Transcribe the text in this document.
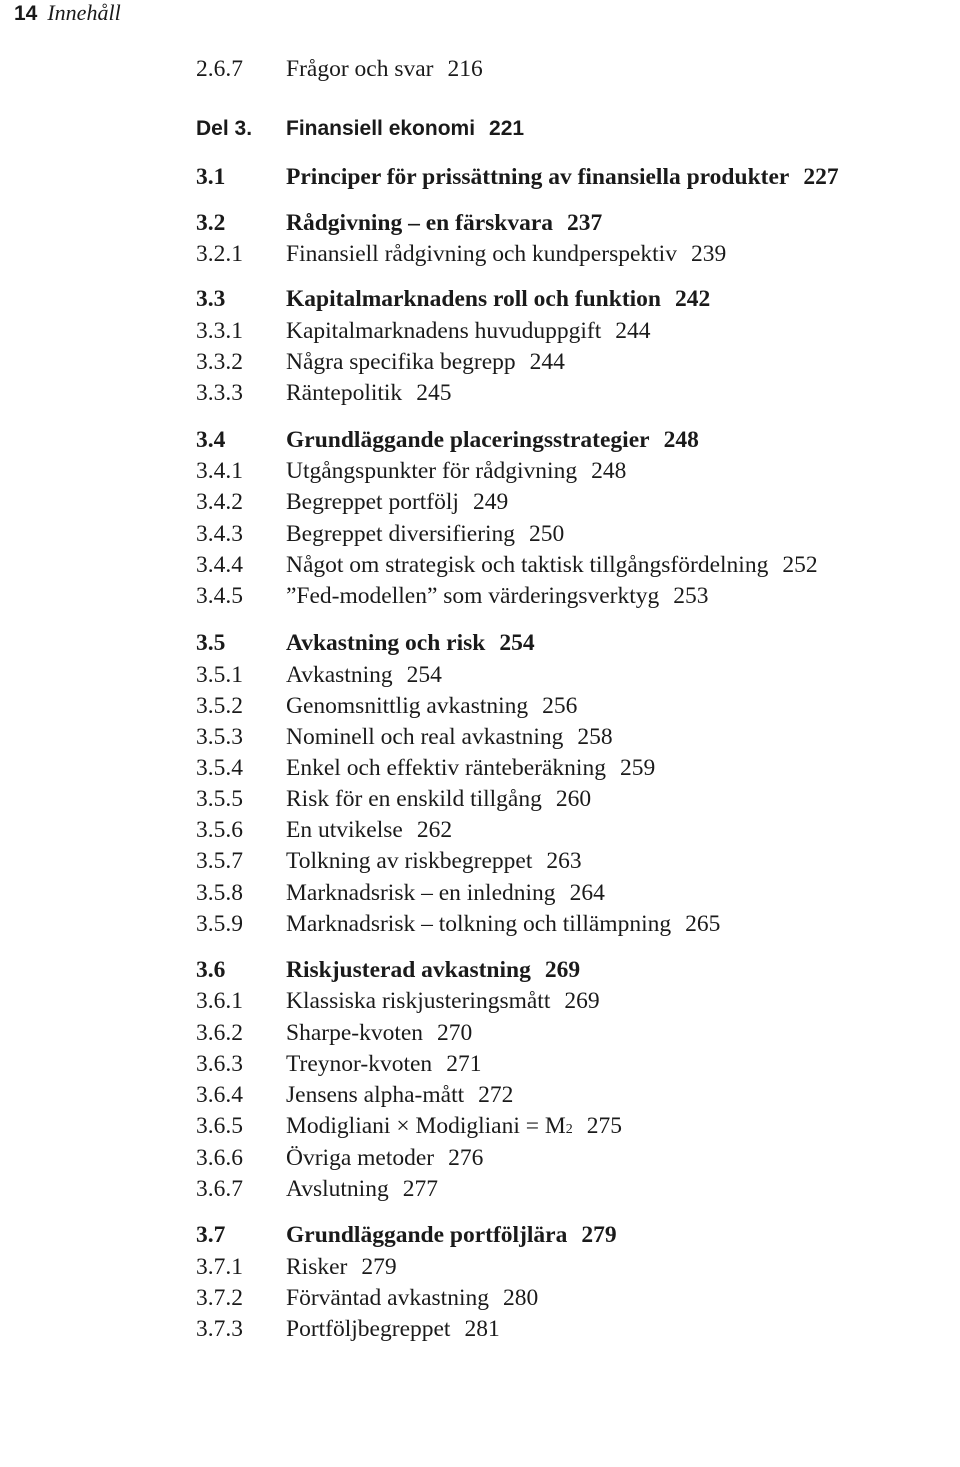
14 Innehåll
2.6.7	Frågor och svar 216
Del 3.	Finansiell ekonomi 221
3.1	Principer för prissättning av finansiella produkter 227
3.2	Rådgivning – en färskvara 237
3.2.1	Finansiell rådgivning och kundperspektiv 239
3.3	Kapitalmarknadens roll och funktion 242
3.3.1	Kapitalmarknadens huvuduppgift 244
3.3.2	Några specifika begrepp 244
3.3.3	Räntepolitik 245
3.4	Grundläggande placeringsstrategier 248
3.4.1	Utgångspunkter för rådgivning 248
3.4.2	Begreppet portfölj 249
3.4.3	Begreppet diversifiering 250
3.4.4	Något om strategisk och taktisk tillgångsfördelning 252
3.4.5	”Fed-modellen” som värderingsverktyg 253
3.5	Avkastning och risk 254
3.5.1	Avkastning 254
3.5.2	Genomsnittlig avkastning 256
3.5.3	Nominell och real avkastning 258
3.5.4	Enkel och effektiv ränteberäkning 259
3.5.5	Risk för en enskild tillgång 260
3.5.6	En utvikelse 262
3.5.7	Tolkning av riskbegreppet 263
3.5.8	Marknadsrisk – en inledning 264
3.5.9	Marknadsrisk – tolkning och tillämpning 265
3.6	Riskjusterad avkastning 269
3.6.1	Klassiska riskjusteringsmått 269
3.6.2	Sharpe-kvoten 270
3.6.3	Treynor-kvoten 271
3.6.4	Jensens alpha-mått 272
3.6.5	Modigliani × Modigliani = M 2 275
3.6.6	Övriga metoder 276
3.6.7	Avslutning 277
3.7	Grundläggande portföljlära 279
3.7.1	Risker 279
3.7.2	Förväntad avkastning 280
3.7.3	Portföljbegreppet 281
